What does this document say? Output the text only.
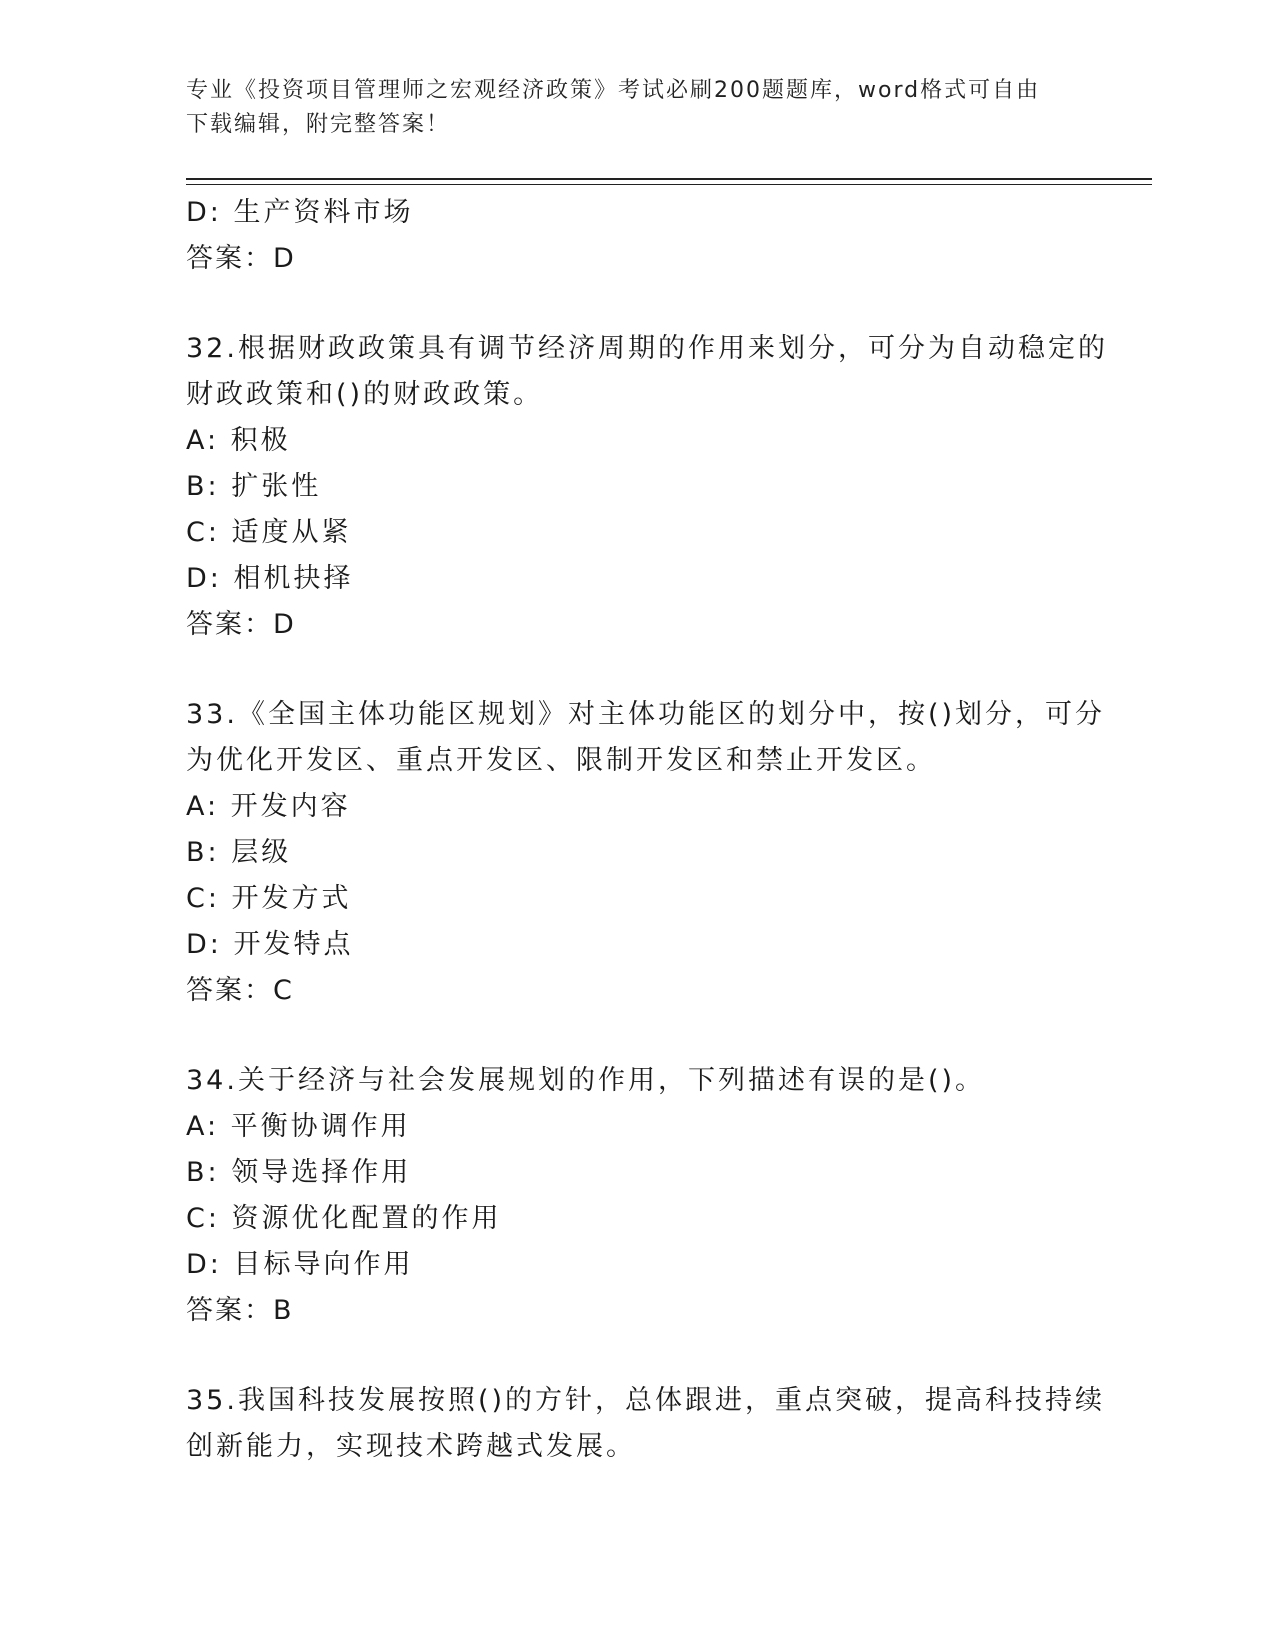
专业《投资项目管理师之宏观经济政策》考试必刷200题题库，word格式可自由
下载编辑，附完整答案！
D: 生产资料市场
答案：D
32.根据财政政策具有调节经济周期的作用来划分，可分为自动稳定的
财政政策和()的财政政策。
A: 积极
B: 扩张性
C: 适度从紧
D: 相机抉择
答案：D
33.《全国主体功能区规划》对主体功能区的划分中，按()划分，可分
为优化开发区、重点开发区、限制开发区和禁止开发区。
A: 开发内容
B: 层级
C: 开发方式
D: 开发特点
答案：C
34.关于经济与社会发展规划的作用，下列描述有误的是()。
A: 平衡协调作用
B: 领导选择作用
C: 资源优化配置的作用
D: 目标导向作用
答案：B
35.我国科技发展按照()的方针，总体跟进，重点突破，提高科技持续
创新能力，实现技术跨越式发展。
